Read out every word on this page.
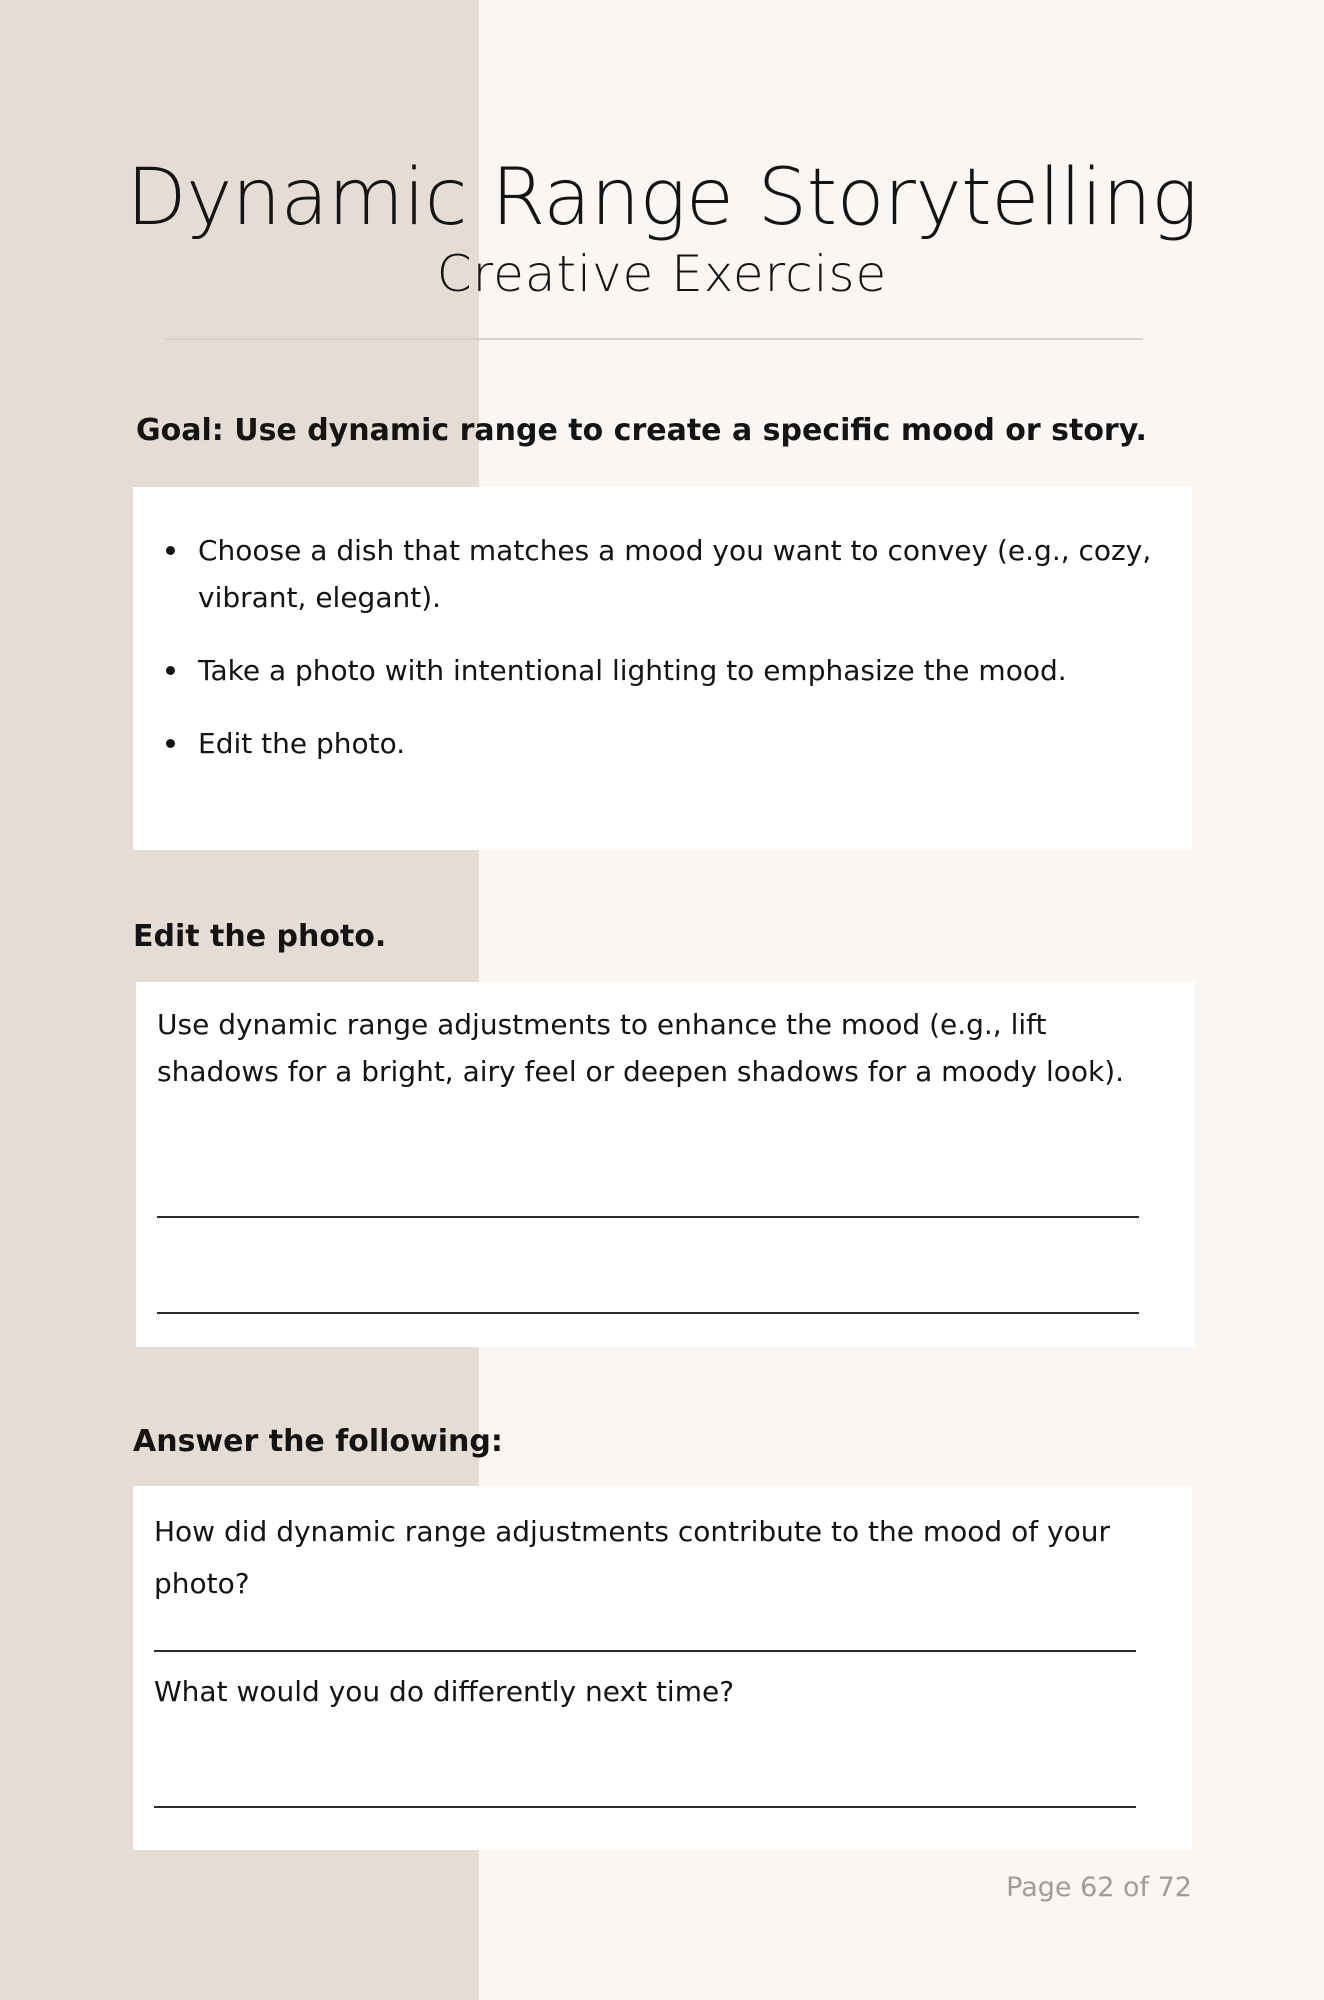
Dynamic Range Storytelling
Creative Exercise
Goal: Use dynamic range to create a specific mood or story.
Choose a dish that matches a mood you want to convey (e.g., cozy, vibrant, elegant).
Take a photo with intentional lighting to emphasize the mood.
Edit the photo.
Edit the photo.

Use dynamic range adjustments to enhance the mood (e.g., lift shadows for a bright, airy feel or deepen shadows for a moody look).

Answer the following:

How did dynamic range adjustments contribute to the mood of your photo?

What would you do differently next time?

Page 62 of 72
